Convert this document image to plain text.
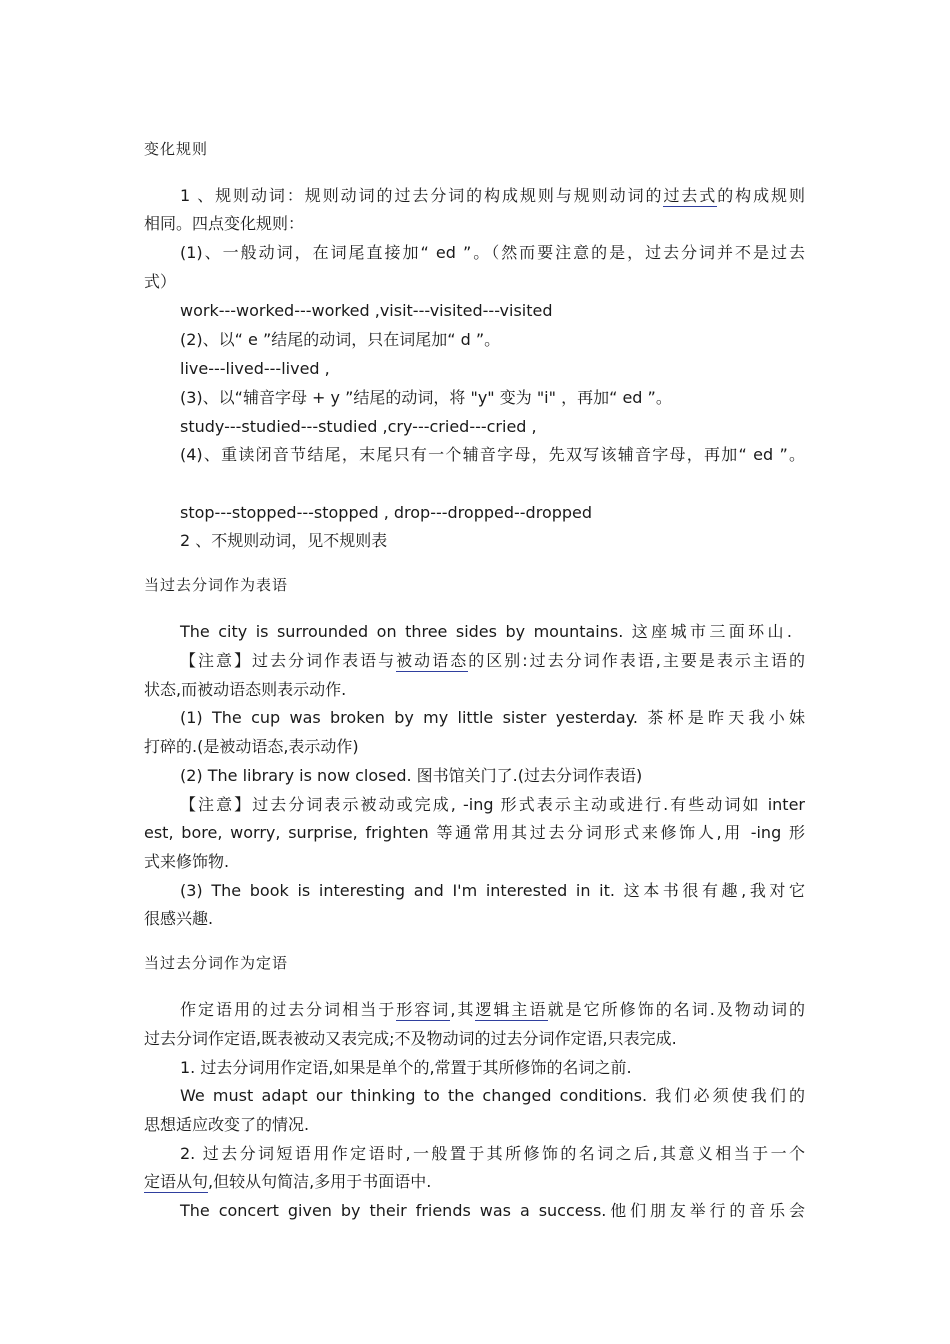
变化规则
1 、规则动词：规则动词的过去分词的构成规则与规则动词的过去式的构成规则
相同。四点变化规则：
(1)、一般动词，在词尾直接加“ ed ”。（然而要注意的是，过去分词并不是过去
式）
work---worked---worked ,visit---visited---visited
(2)、以“ e ”结尾的动词，只在词尾加“ d ”。
live---lived---lived ,
(3)、以“辅音字母 + y ”结尾的动词，将 "y" 变为 "i" ，再加“ ed ”。
study---studied---studied ,cry---cried---cried ,
(4)、重读闭音节结尾，末尾只有一个辅音字母，先双写该辅音字母，再加“ ed ”。
stop---stopped---stopped , drop---dropped--dropped
2 、不规则动词，见不规则表
当过去分词作为表语
The city is surrounded on three sides by mountains. 这座城市三面环山.
【注意】过去分词作表语与被动语态的区别:过去分词作表语,主要是表示主语的
状态,而被动语态则表示动作.
(1) The cup was broken by my little sister yesterday. 茶杯是昨天我小妹
打碎的.(是被动语态,表示动作)
(2) The library is now closed. 图书馆关门了.(过去分词作表语)
【注意】过去分词表示被动或完成, -ing 形式表示主动或进行.有些动词如 inter
est, bore, worry, surprise, frighten 等通常用其过去分词形式来修饰人,用 -ing 形
式来修饰物.
(3) The book is interesting and I'm interested in it. 这本书很有趣,我对它
很感兴趣.
当过去分词作为定语
作定语用的过去分词相当于形容词,其逻辑主语就是它所修饰的名词.及物动词的
过去分词作定语,既表被动又表完成;不及物动词的过去分词作定语,只表完成.
1. 过去分词用作定语,如果是单个的,常置于其所修饰的名词之前.
We must adapt our thinking to the changed conditions. 我们必须使我们的
思想适应改变了的情况.
2. 过去分词短语用作定语时,一般置于其所修饰的名词之后,其意义相当于一个
定语从句,但较从句简洁,多用于书面语中.
The concert given by their friends was a success.他们朋友举行的音乐会
